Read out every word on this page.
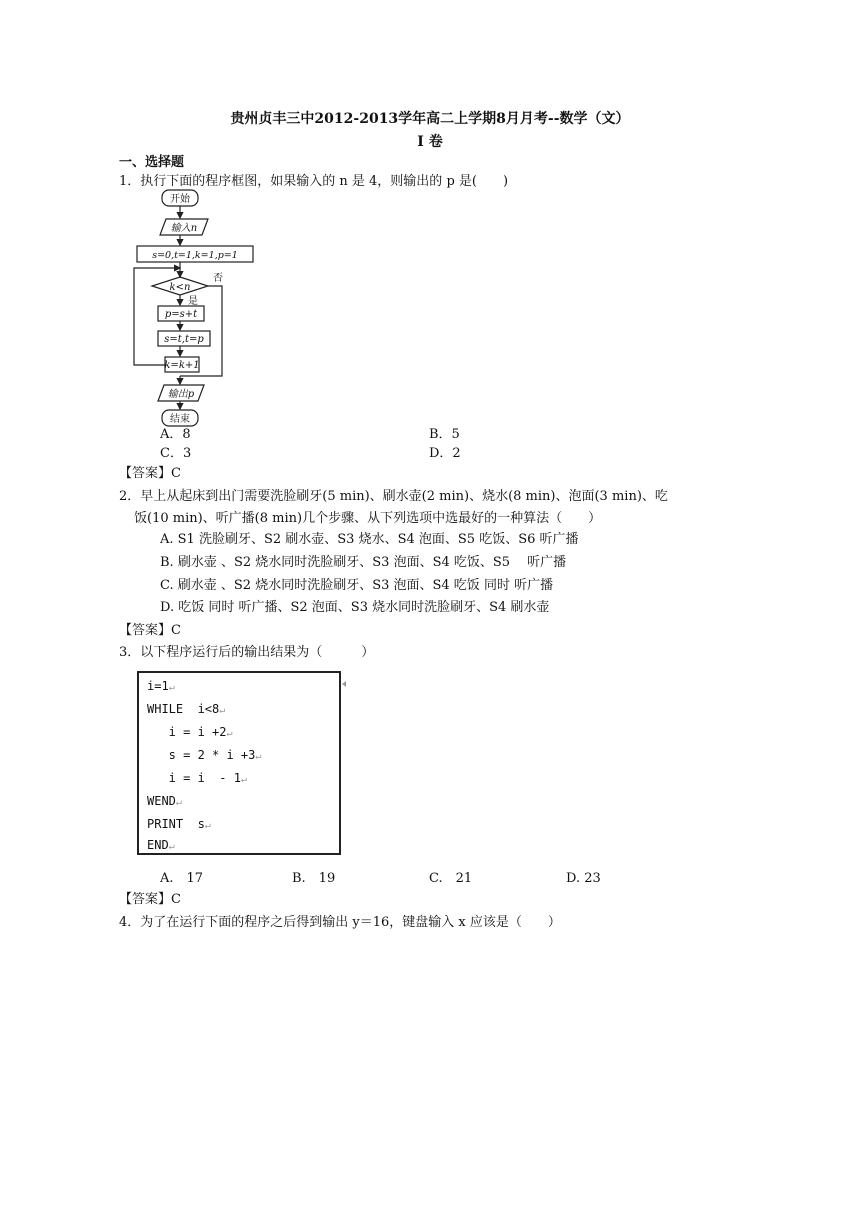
贵州贞丰三中2012-2013学年高二上学期8月月考--数学（文）
I 卷
一、选择题
1．执行下面的程序框图，如果输入的 n 是 4，则输出的 p 是(　　)
开始
输入n
s=0,t=1,k=1,p=1
k<n
否
是
p=s+t
s=t,t=p
k=k+1
输出p
结束
A．8	B．5
C．3	D．2
【答案】C
2．早上从起床到出门需要洗脸刷牙(5 min)、刷水壶(2 min)、烧水(8 min)、泡面(3 min)、吃
饭(10 min)、听广播(8 min)几个步骤、从下列选项中选最好的一种算法（　　）
A. S1 洗脸刷牙、S2 刷水壶、S3 烧水、S4 泡面、S5 吃饭、S6 听广播
B. 刷水壶 、S2 烧水同时洗脸刷牙、S3 泡面、S4 吃饭、S5　 听广播
C. 刷水壶 、S2 烧水同时洗脸刷牙、S3 泡面、S4 吃饭 同时 听广播
D. 吃饭 同时 听广播、S2 泡面、S3 烧水同时洗脸刷牙、S4 刷水壶
【答案】C
3．以下程序运行后的输出结果为（　　　）
i=1↵
WHILE  i<8↵
i = i +2↵
s = 2 * i +3↵
i = i  - 1↵
WEND↵
PRINT  s↵
END↵
A.　17	B.　19	C.　21	D. 23
【答案】C
4．为了在运行下面的程序之后得到输出 y＝16，键盘输入 x 应该是（　　）
